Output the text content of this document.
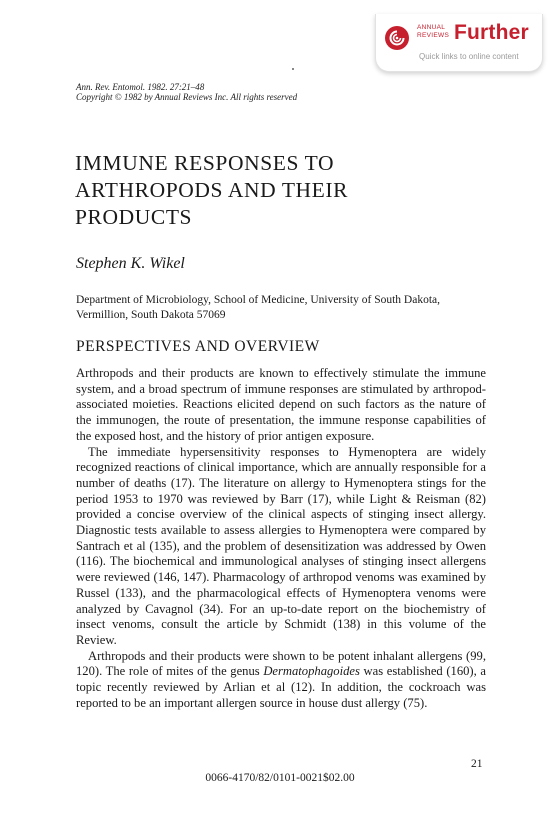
ANNUAL
REVIEWS Further
Quick links to online content
Ann. Rev. Entomol. 1982. 27:21–48
Copyright © 1982 by Annual Reviews Inc. All rights reserved
IMMUNE RESPONSES TO
ARTHROPODS AND THEIR
PRODUCTS
Stephen K. Wikel
Department of Microbiology, School of Medicine, University of South Dakota,
Vermillion, South Dakota 57069
PERSPECTIVES AND OVERVIEW

Arthropods and their products are known to effectively stimulate the immune system, and a broad spectrum of immune responses are stimulated by arthropod-associated moieties. Reactions elicited depend on such factors as the nature of the immunogen, the route of presentation, the immune response capabilities of the exposed host, and the history of prior antigen exposure.

The immediate hypersensitivity responses to Hymenoptera are widely recognized reactions of clinical importance, which are annually responsible for a number of deaths (17). The literature on allergy to Hymenoptera stings for the period 1953 to 1970 was reviewed by Barr (17), while Light & Reisman (82) provided a concise overview of the clinical aspects of stinging insect allergy. Diagnostic tests available to assess allergies to Hymenoptera were compared by Santrach et al (135), and the problem of desensitization was addressed by Owen (116). The biochemical and immunological analyses of stinging insect allergens were reviewed (146, 147). Pharmacology of arthropod venoms was examined by Russel (133), and the pharmacological effects of Hymenoptera venoms were analyzed by Cavagnol (34). For an up-to-date report on the biochemistry of insect venoms, consult the article by Schmidt (138) in this volume of the Review.

Arthropods and their products were shown to be potent inhalant allergens (99, 120). The role of mites of the genus Dermatophagoides was established (160), a topic recently reviewed by Arlian et al (12). In addition, the cockroach was reported to be an important allergen source in house dust allergy (75).

21
0066-4170/82/0101-0021$02.00
